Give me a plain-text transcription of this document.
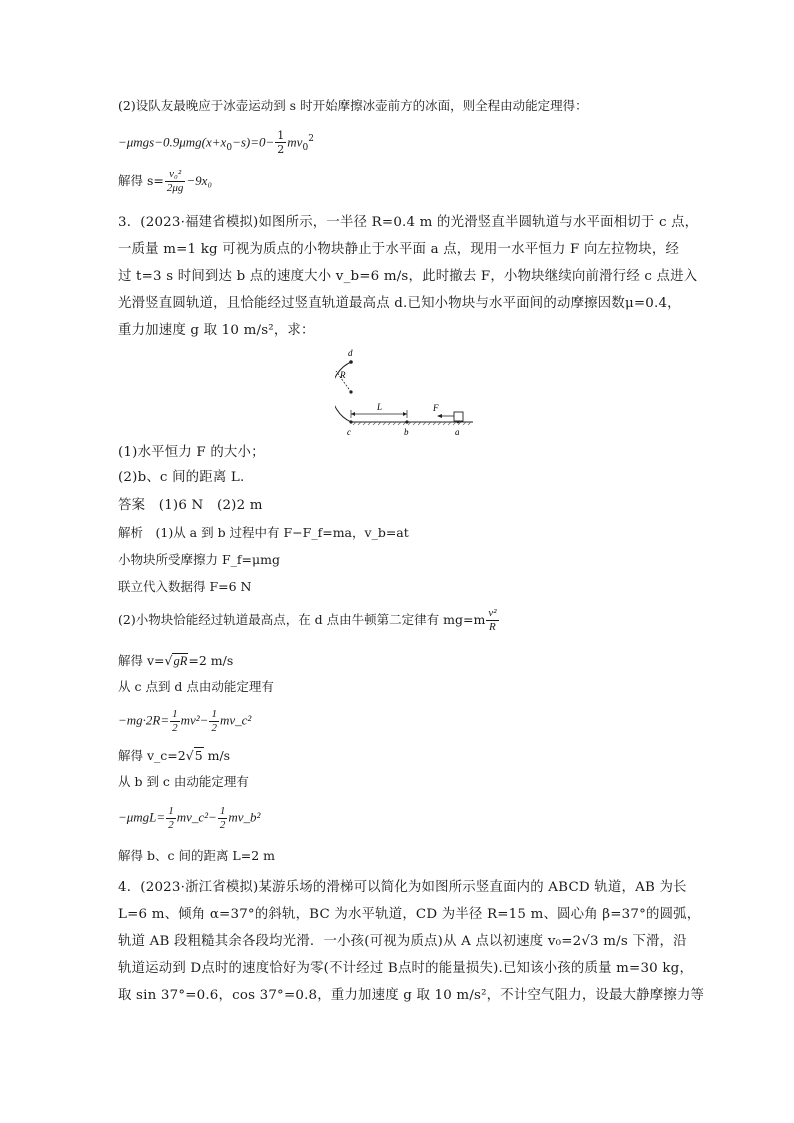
(2)设队友最晚应于冰壶运动到 s 时开始摩擦冰壶前方的冰面，则全程由动能定理得：
$-\mu mgs-0.9\mu mg(x+x_0-s)=0- \frac{1}{2} mv_0^2$
解得 $s= \frac{\text{v₀²}}{2\mu g} -9x_0$
3．(2023·福建省模拟)如图所示，一半径 R=0.4 m 的光滑竖直半圆轨道与水平面相切于 c 点，
一质量 m=1 kg 可视为质点的小物块静止于水平面 a 点，现用一水平恒力 F 向左拉物块，经
过 t=3 s 时间到达 b 点的速度大小 v_b=6 m/s，此时撤去 F，小物块继续向前滑行经 c 点进入
光滑竖直圆轨道，且恰能经过竖直轨道最高点 d.已知小物块与水平面间的动摩擦因数μ=0.4，
重力加速度 g 取 10 m/s²，求：
d
R
L	F
c	b	a
(1)水平恒力 F 的大小；
(2)b、c 间的距离 L.
答案　(1)6 N　(2)2 m
解析　(1)从 a 到 b 过程中有 F−F_f=ma，v_b=at
小物块所受摩擦力 F_f=μmg
联立代入数据得 F=6 N
(2)小物块恰能经过轨道最高点，在 d 点由牛顿第二定律有 $mg=m \frac{\text{v²}}{R}$
解得 v=√gR=2 m/s
从 c 点到 d 点由动能定理有
$-mg\cdot 2R= \frac{1}{2} mv^2- \frac{1}{2}$ mv_c²
解得 v_c=2√5 m/s
从 b 到 c 由动能定理有
$-\mu mgL= \frac{1}{2}$ mv_c²− $\frac{1}{2}$ mv_b²
解得 b、c 间的距离 L=2 m
4．(2023·浙江省模拟)某游乐场的滑梯可以简化为如图所示竖直面内的 ABCD 轨道，AB 为长
L=6 m、倾角 α=37°的斜轨，BC 为水平轨道，CD 为半径 R=15 m、圆心角 β=37°的圆弧，
轨道 AB 段粗糙其余各段均光滑．一小孩(可视为质点)从 A 点以初速度 v₀=2√3 m/s 下滑，沿
轨道运动到 D点时的速度恰好为零(不计经过 B点时的能量损失).已知该小孩的质量 m=30 kg，
取 sin 37°=0.6，cos 37°=0.8，重力加速度 g 取 10 m/s²，不计空气阻力，设最大静摩擦力等
